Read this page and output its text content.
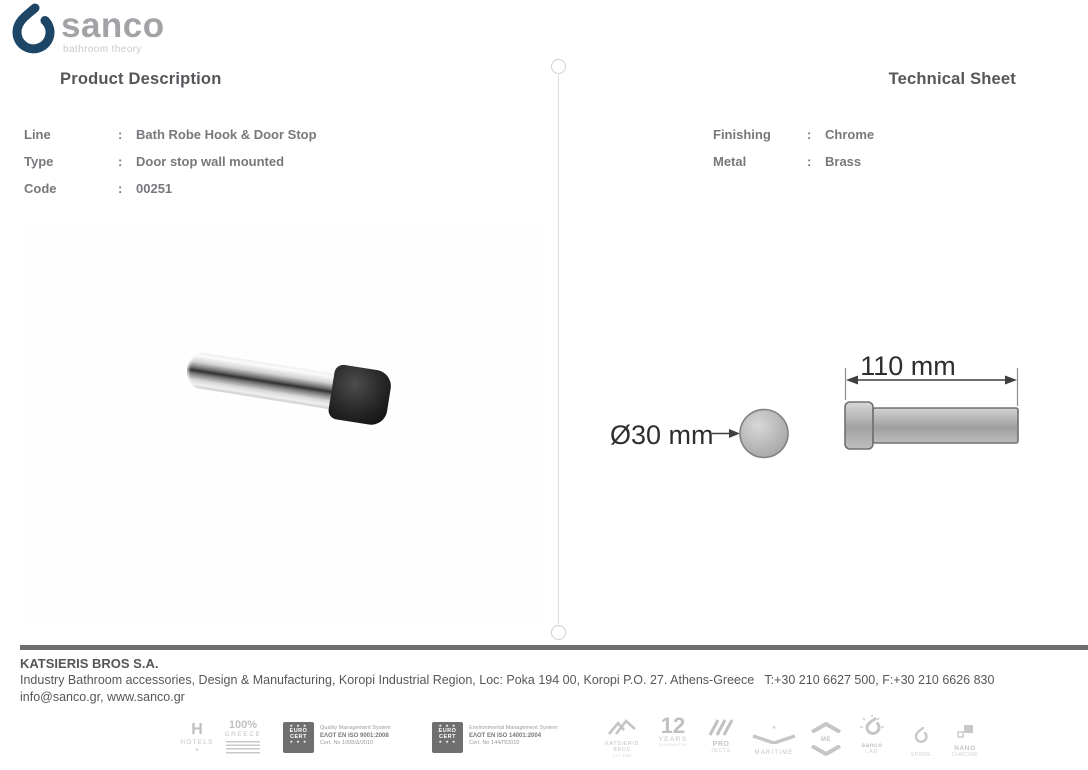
sanco
bathroom theory
Product Description	Technical Sheet
Line	:	Bath Robe Hook & Door Stop
Type	:	Door stop wall mounted
Code	:	00251
Finishing	:	Chrome
Metal	:	Brass
Ø30 mm
110 mm
KATSIERIS BROS S.A.
Industry Bathroom accessories, Design & Manufacturing, Koropi Industrial Region, Loc: Poka 194 00, Koropi P.O. 27. Athens-Greece   T:+30 210 6627 500, F:+30 210 6626 830
info@sanco.gr, www.sanco.gr
H
HOTELS
★
100%
GREECE
★ ★ ★
EURO
CERT
★ ★ ★
Quality Management System
EΛOT EN ISO 9001:2008
Cert. No 1008/Δ/2010
★ ★ ★
EURO
CERT
★ ★ ★
Environmental Management System
EΛOT EN ISO 14001:2004
Cert. No 144/Π/2010	KATSIERIS
BROS
EST. 1980
12
YEARS
GUARANTEE	PRO
JECTS
★
MARITIME
ME
sanco
LAB	SPORE
NANO
CHROME
